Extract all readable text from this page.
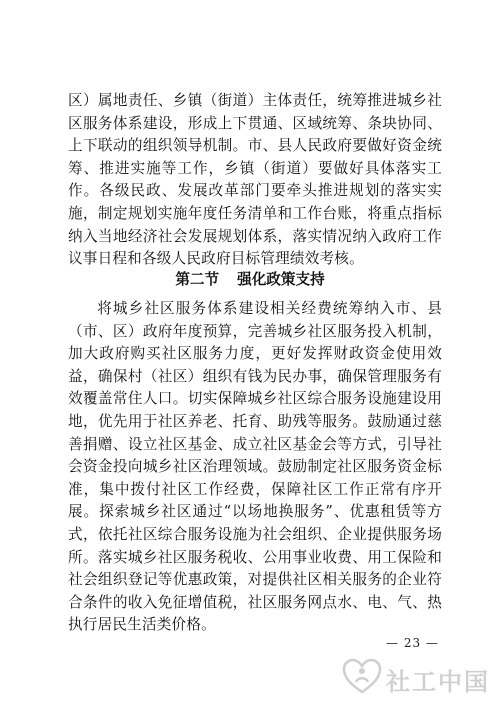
区）属地责任、乡镇（街道）主体责任，统筹推进城乡社区服务体系建设，形成上下贯通、区域统筹、条块协同、上下联动的组织领导机制。市、县人民政府要做好资金统筹、推进实施等工作，乡镇（街道）要做好具体落实工作。各级民政、发展改革部门要牵头推进规划的落实实施，制定规划实施年度任务清单和工作台账，将重点指标纳入当地经济社会发展规划体系，落实情况纳入政府工作议事日程和各级人民政府目标管理绩效考核。

第二节 强化政策支持

将城乡社区服务体系建设相关经费统筹纳入市、县（市、区）政府年度预算，完善城乡社区服务投入机制，加大政府购买社区服务力度，更好发挥财政资金使用效益，确保村（社区）组织有钱为民办事，确保管理服务有效覆盖常住人口。切实保障城乡社区综合服务设施建设用地，优先用于社区养老、托育、助残等服务。鼓励通过慈善捐赠、设立社区基金、成立社区基金会等方式，引导社会资金投向城乡社区治理领域。鼓励制定社区服务资金标准，集中拨付社区工作经费，保障社区工作正常有序开展。探索城乡社区通过“以场地换服务”、优惠租赁等方式，依托社区综合服务设施为社会组织、企业提供服务场所。落实城乡社区服务税收、公用事业收费、用工保险和社会组织登记等优惠政策，对提供社区相关服务的企业符合条件的收入免征增值税，社区服务网点水、电、气、热执行居民生活类价格。

— 23 —
社工中国
